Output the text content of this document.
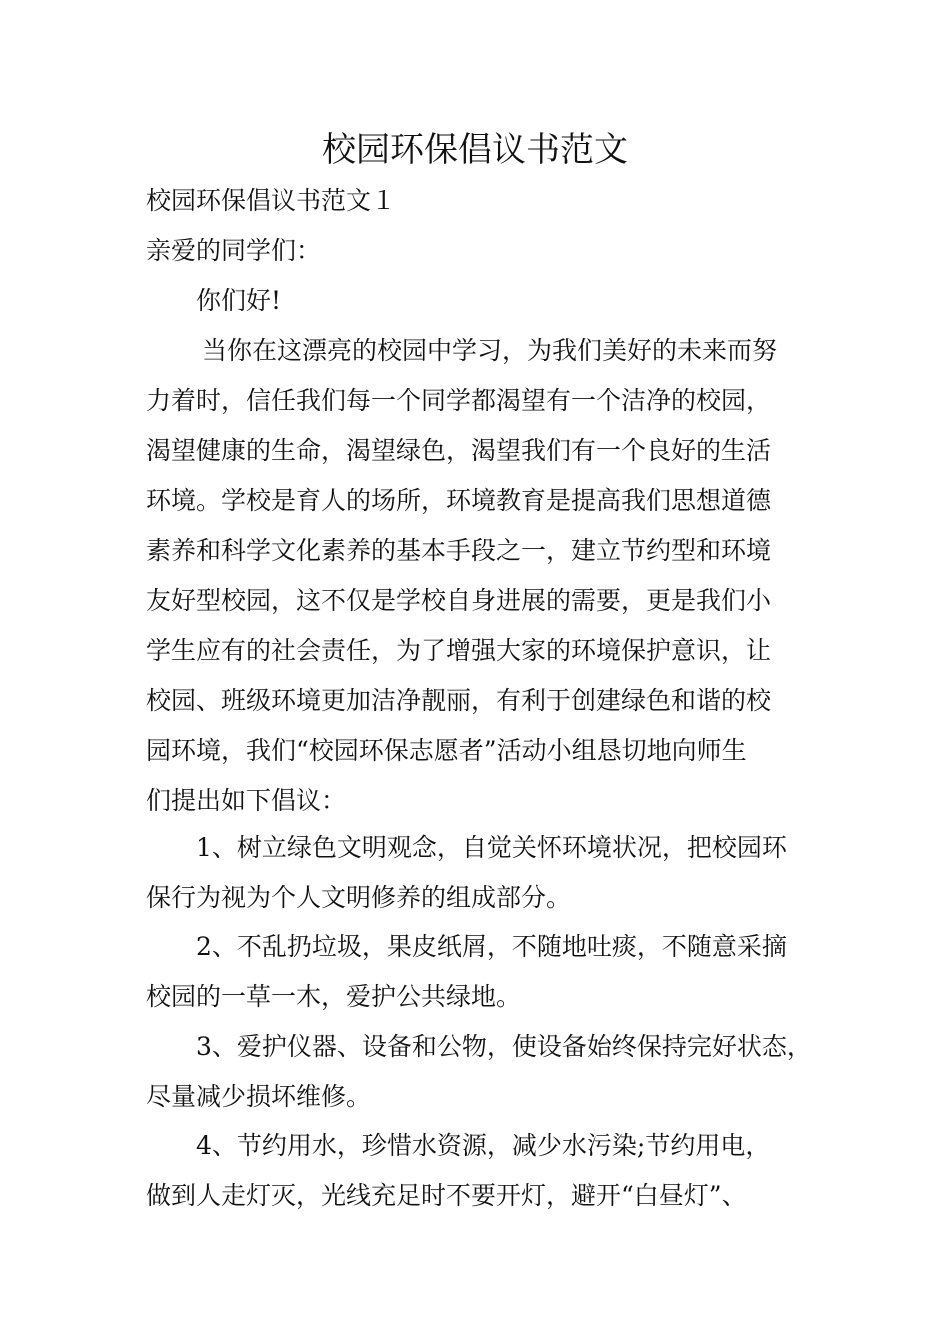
校园环保倡议书范文

校园环保倡议书范文１

亲爱的同学们：

你们好!

当你在这漂亮的校园中学习，为我们美好的未来而努
力着时，信任我们每一个同学都渴望有一个洁净的校园，
渴望健康的生命，渴望绿色，渴望我们有一个良好的生活
环境。学校是育人的场所，环境教育是提高我们思想道德
素养和科学文化素养的基本手段之一，建立节约型和环境
友好型校园，这不仅是学校自身进展的需要，更是我们小
学生应有的社会责任，为了增强大家的环境保护意识，让
校园、班级环境更加洁净靓丽，有利于创建绿色和谐的校
园环境，我们“校园环保志愿者”活动小组恳切地向师生
们提出如下倡议：
1、树立绿色文明观念，自觉关怀环境状况，把校园环
保行为视为个人文明修养的组成部分。
2、不乱扔垃圾，果皮纸屑，不随地吐痰，不随意采摘
校园的一草一木，爱护公共绿地。
3、爱护仪器、设备和公物，使设备始终保持完好状态，
尽量减少损坏维修。
4、节约用水，珍惜水资源，减少水污染;节约用电，
做到人走灯灭，光线充足时不要开灯，避开“白昼灯”、
